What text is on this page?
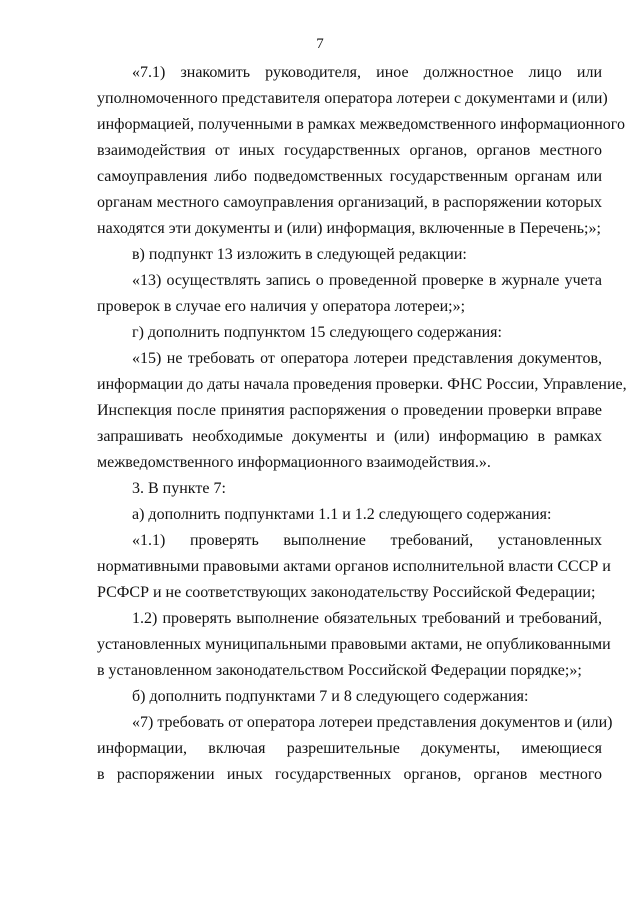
7
«7.1) знакомить руководителя, иное должностное лицо или
уполномоченного представителя оператора лотереи с документами и (или)
информацией, полученными в рамках межведомственного информационного
взаимодействия от иных государственных органов, органов местного
самоуправления либо подведомственных государственным органам или
органам местного самоуправления организаций, в распоряжении которых
находятся эти документы и (или) информация, включенные в Перечень;»;
в) подпункт 13 изложить в следующей редакции:
«13) осуществлять запись о проведенной проверке в журнале учета
проверок в случае его наличия у оператора лотереи;»;
г) дополнить подпунктом 15 следующего содержания:
«15) не требовать от оператора лотереи представления документов,
информации до даты начала проведения проверки. ФНС России, Управление,
Инспекция после принятия распоряжения о проведении проверки вправе
запрашивать необходимые документы и (или) информацию в рамках
межведомственного информационного взаимодействия.».
3. В пункте 7:
а) дополнить подпунктами 1.1 и 1.2 следующего содержания:
«1.1) проверять выполнение требований, установленных
нормативными правовыми актами органов исполнительной власти СССР и
РСФСР и не соответствующих законодательству Российской Федерации;
1.2) проверять выполнение обязательных требований и требований,
установленных муниципальными правовыми актами, не опубликованными
в установленном законодательством Российской Федерации порядке;»;
б) дополнить подпунктами 7 и 8 следующего содержания:
«7) требовать от оператора лотереи представления документов и (или)
информации, включая разрешительные документы, имеющиеся
в распоряжении иных государственных органов, органов местного
